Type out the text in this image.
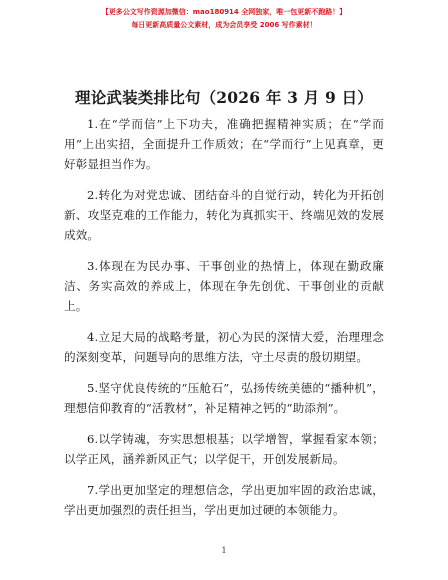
【更多公文写作资源加微信：mao180914 全网独家，唯一包更新不跑路！】
每日更新高质量公文素材，成为会员享受 2006 写作素材！
理论武装类排比句（2026 年 3 月 9 日）

1.在“学而信”上下功夫，准确把握精神实质；在“学而用”上出实招，全面提升工作质效；在“学而行”上见真章，更好彰显担当作为。

2.转化为对党忠诚、团结奋斗的自觉行动，转化为开拓创新、攻坚克难的工作能力，转化为真抓实干、终端见效的发展成效。

3.体现在为民办事、干事创业的热情上，体现在勤政廉洁、务实高效的养成上，体现在争先创优、干事创业的贡献上。

4.立足大局的战略考量，初心为民的深情大爱，治理理念的深刻变革，问题导向的思维方法，守土尽责的殷切期望。

5.坚守优良传统的“压舱石”，弘扬传统美德的“播种机”，理想信仰教育的“活教材”，补足精神之钙的“助添剂”。

6.以学铸魂，夯实思想根基；以学增智，掌握看家本领；以学正风，涵养新风正气；以学促干，开创发展新局。

7.学出更加坚定的理想信念，学出更加牢固的政治忠诚，学出更加强烈的责任担当，学出更加过硬的本领能力。

1
